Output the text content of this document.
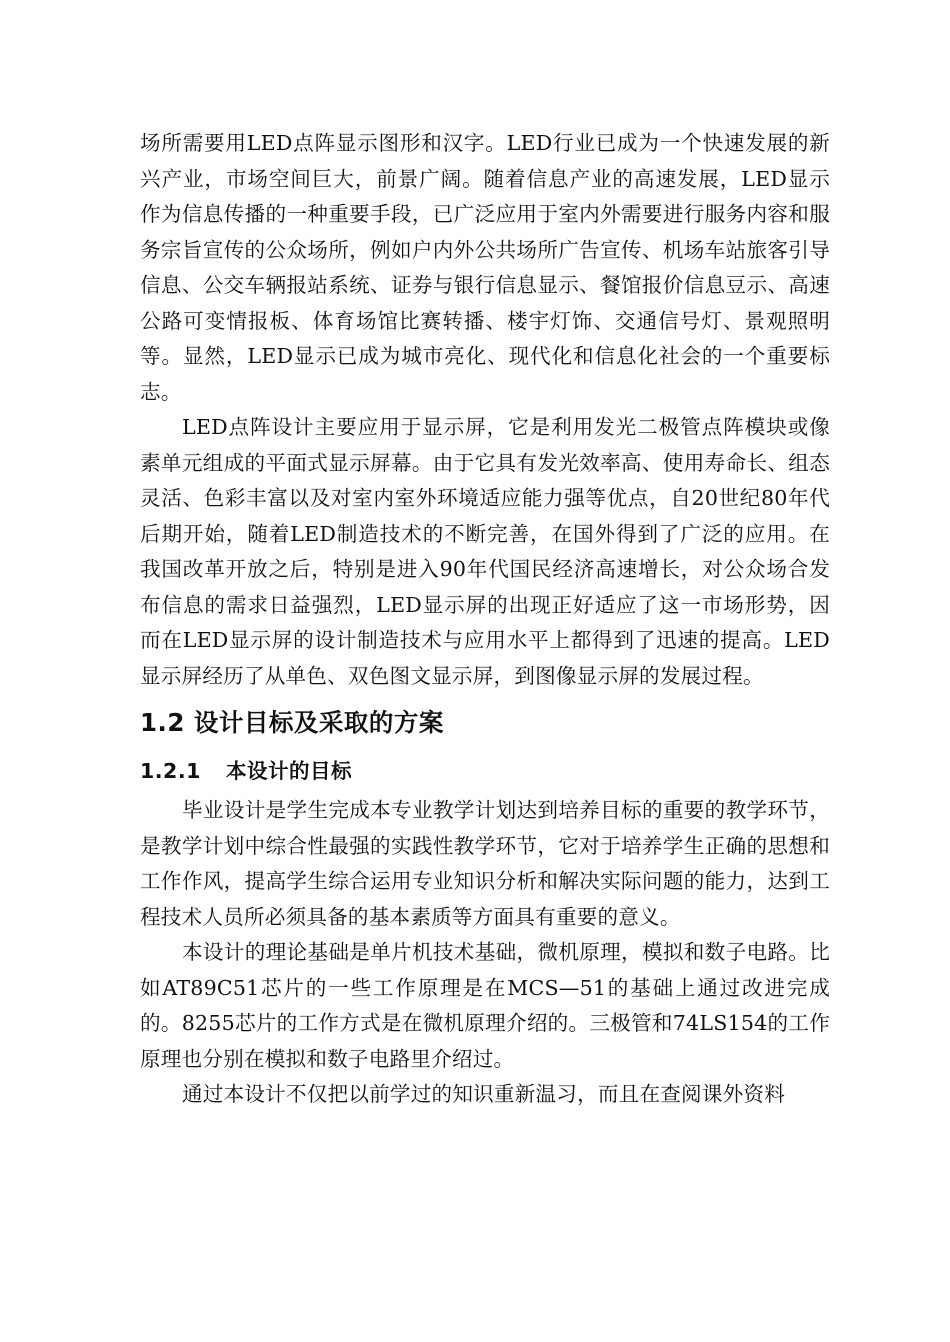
场所需要用LED点阵显示图形和汉字。LED行业已成为一个快速发展的新兴产业，市场空间巨大，前景广阔。随着信息产业的高速发展，LED显示作为信息传播的一种重要手段，已广泛应用于室内外需要进行服务内容和服务宗旨宣传的公众场所，例如户内外公共场所广告宣传、机场车站旅客引导信息、公交车辆报站系统、证券与银行信息显示、餐馆报价信息豆示、高速公路可变情报板、体育场馆比赛转播、楼宇灯饰、交通信号灯、景观照明等。显然，LED显示已成为城市亮化、现代化和信息化社会的一个重要标志。

LED点阵设计主要应用于显示屏，它是利用发光二极管点阵模块或像素单元组成的平面式显示屏幕。由于它具有发光效率高、使用寿命长、组态灵活、色彩丰富以及对室内室外环境适应能力强等优点，自20世纪80年代后期开始，随着LED制造技术的不断完善，在国外得到了广泛的应用。在我国改革开放之后，特别是进入90年代国民经济高速增长，对公众场合发布信息的需求日益强烈，LED显示屏的出现正好适应了这一市场形势，因而在LED显示屏的设计制造技术与应用水平上都得到了迅速的提高。LED显示屏经历了从单色、双色图文显示屏，到图像显示屏的发展过程。

1.2 设计目标及采取的方案
1.2.1 本设计的目标

毕业设计是学生完成本专业教学计划达到培养目标的重要的教学环节，是教学计划中综合性最强的实践性教学环节，它对于培养学生正确的思想和工作作风，提高学生综合运用专业知识分析和解决实际问题的能力，达到工程技术人员所必须具备的基本素质等方面具有重要的意义。

本设计的理论基础是单片机技术基础，微机原理，模拟和数子电路。比如AT89C51芯片的一些工作原理是在MCS—51的基础上通过改进完成的。8255芯片的工作方式是在微机原理介绍的。三极管和74LS154的工作原理也分别在模拟和数子电路里介绍过。

通过本设计不仅把以前学过的知识重新温习，而且在查阅课外资料
